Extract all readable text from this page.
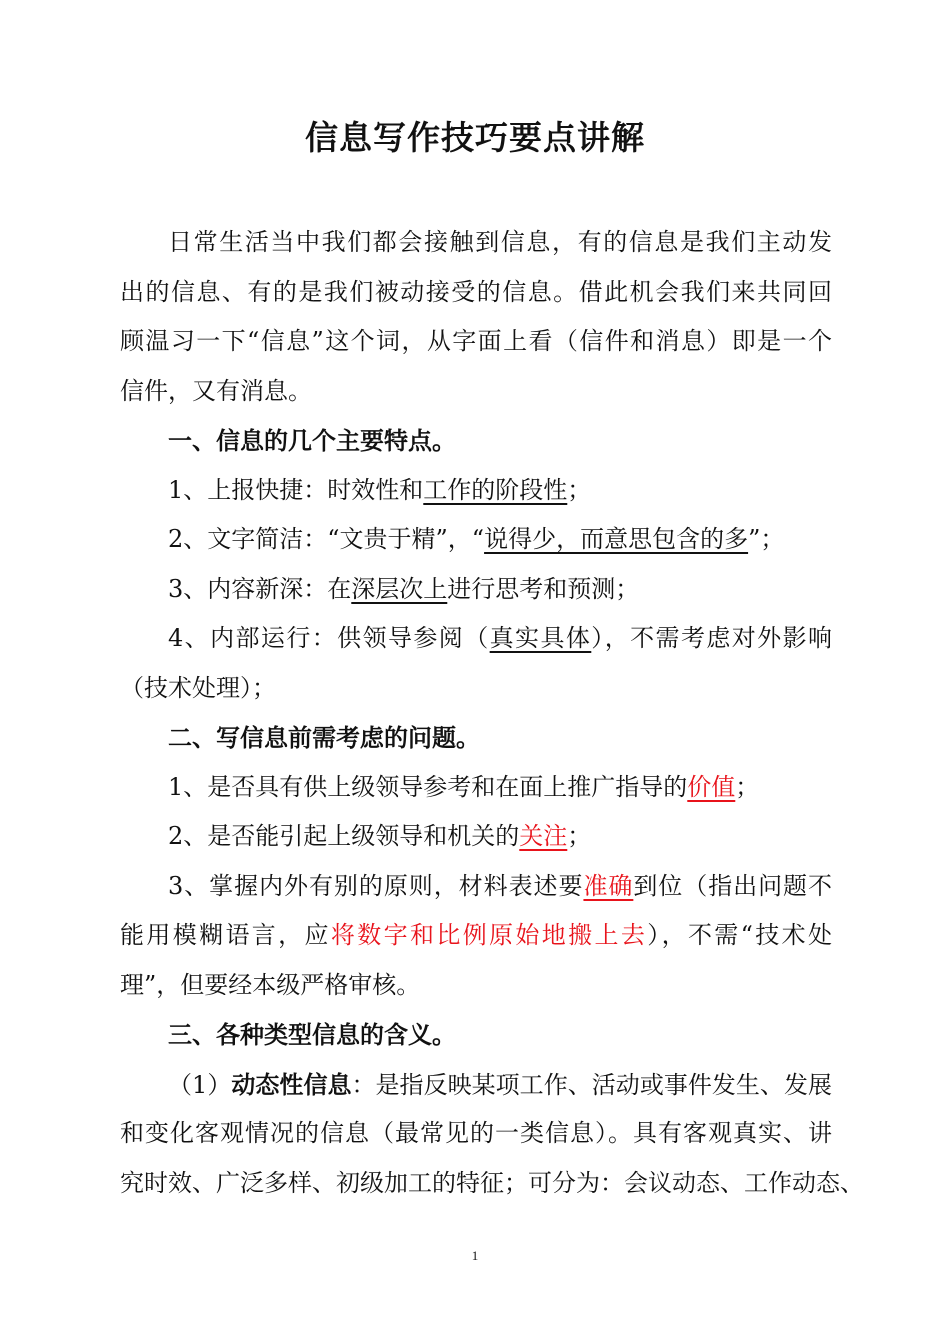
信息写作技巧要点讲解
日常生活当中我们都会接触到信息，有的信息是我们主动发
出的信息、有的是我们被动接受的信息。借此机会我们来共同回
顾温习一下“信息”这个词，从字面上看（信件和消息）即是一个
信件，又有消息。
一、信息的几个主要特点。
1、上报快捷：时效性和工作的阶段性；
2、文字简洁：“文贵于精”，“说得少，而意思包含的多”；
3、内容新深：在深层次上进行思考和预测；
4、内部运行：供领导参阅（真实具体），不需考虑对外影响
（技术处理）；
二、写信息前需考虑的问题。
1、是否具有供上级领导参考和在面上推广指导的价值；
2、是否能引起上级领导和机关的关注；
3、掌握内外有别的原则，材料表述要准确到位（指出问题不
能用模糊语言，应将数字和比例原始地搬上去），不需“技术处
理”，但要经本级严格审核。
三、各种类型信息的含义。
（1）动态性信息：是指反映某项工作、活动或事件发生、发展
和变化客观情况的信息（最常见的一类信息）。具有客观真实、讲
究时效、广泛多样、初级加工的特征；可分为：会议动态、工作动态、
1
